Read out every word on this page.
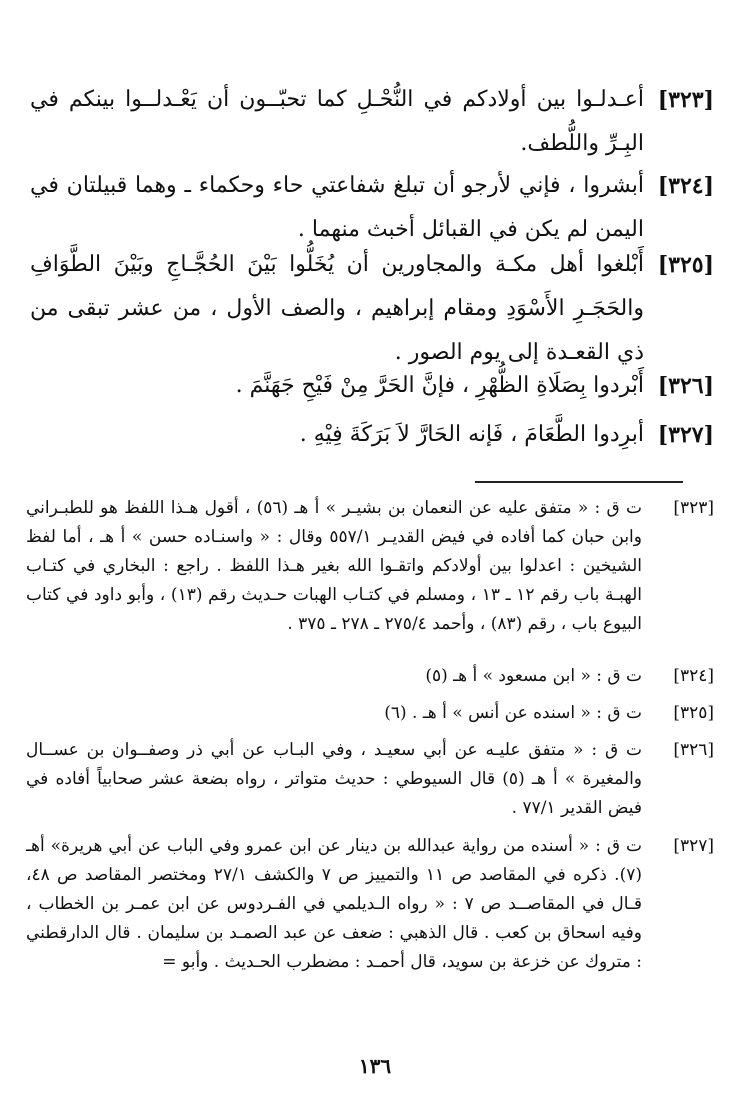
[٣٢٣]
أعـدلـوا بين أولادكم في النُّحْـلِ كما تحبّــون أن يَعْـدلــوا بينكم في البِـرِّ واللُّطف.
[٣٢٤]
أبشروا ، فإني لأرجو أن تبلغ شفاعتي حاء وحكماء ـ وهما قبيلتان في اليمن لم يكن في القبائل أخبث منهما .
[٣٢٥]
أَبْلغوا أهل مكـة والمجاورين أن يُخَلُّوا بَيْنَ الحُجَّـاجِ وبَيْنَ الطَّوَافِ والحَجَـرِ الأَسْوَدِ ومقام إبراهيم ، والصف الأول ، من عشر تبقى من ذي القعـدة إلى يوم الصور .
[٣٢٦]
أَبْردوا بِصَلَاةِ الظُّهْرِ ، فإنَّ الحَرَّ مِنْ فَيْحِ جَهَنَّمَ .
[٣٢٧]
أبرِدوا الطَّعَامَ ، فَإنه الحَارَّ لاَ بَرَكَةَ فِيْهِ .
[٣٢٣]
ت ق : « متفق عليه عن النعمان بن بشيـر » أ هـ (٥٦) ، أقول هـذا اللفظ هو للطبـراني وابن حبان كما أفاده في فيض القديـر ٥٥٧/١ وقال : « واسنـاده حسن » أ هـ ، أما لفظ الشيخين : اعدلوا بين أولادكم واتقـوا الله بغير هـذا اللفظ . راجع : البخاري في كتـاب الهبـة باب رقم ١٢ ـ ١٣ ، ومسلم في كتـاب الهبات حـديث رقم (١٣) ، وأبو داود في كتاب البيوع باب ، رقم (٨٣) ، وأحمد ٢٧٥/٤ ـ ٢٧٨ ـ ٣٧٥ .
[٣٢٤]
ت ق : « ابن مسعود » أ هـ (٥)
[٣٢٥]
ت ق : « اسنده عن أنس » أ هـ . (٦)
[٣٢٦]
ت ق : « متفق عليـه عن أبي سعيـد ، وفي البـاب عن أبي ذر وصفــوان بن عســال والمغيرة » أ هـ (٥) قال السيوطي : حديث متواتر ، رواه بضعة عشر صحابياً أفاده في فيض القدير ٧٧/١ .
[٣٢٧]
ت ق : « أسنده من رواية عبدالله بن دينار عن ابن عمرو وفي الباب عن أبي هريرة» أهـ (٧). ذكره في المقاصد ص ١١ والتمييز ص ٧ والكشف ٢٧/١ ومختصر المقاصد ص ٤٨، قـال في المقاصــد ص ٧ : « رواه الـديلمي في الفـردوس عن ابن عمـر بن الخطاب ، وفيه اسحاق بن كعب . قال الذهبي : ضعف عن عبد الصمـد بن سليمان . قال الدارقطني : متروك عن خزعة بن سويد، قال أحمـد : مضطرب الحـديث . وأبو =
١٣٦
